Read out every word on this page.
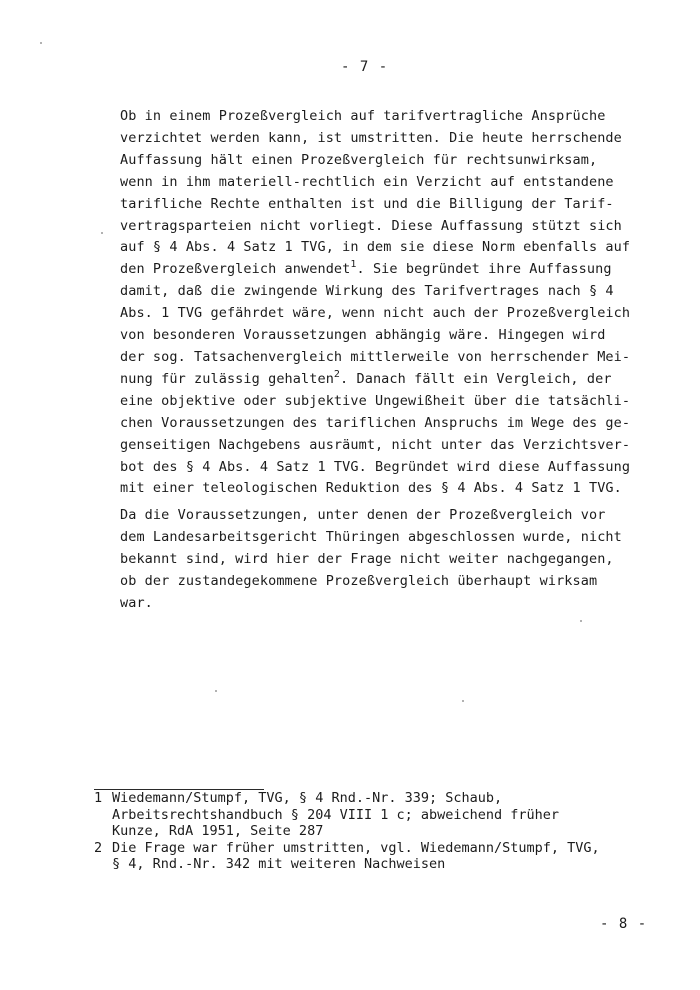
- 7 -
Ob in einem Prozeßvergleich auf tarifvertragliche Ansprüche
verzichtet werden kann, ist umstritten. Die heute herrschende
Auffassung hält einen Prozeßvergleich für rechtsunwirksam,
wenn in ihm materiell-rechtlich ein Verzicht auf entstandene
tarifliche Rechte enthalten ist und die Billigung der Tarif-
vertragsparteien nicht vorliegt. Diese Auffassung stützt sich
auf § 4 Abs. 4 Satz 1 TVG, in dem sie diese Norm ebenfalls auf
den Prozeßvergleich anwendet$^1$. Sie begründet ihre Auffassung
damit, daß die zwingende Wirkung des Tarifvertrages nach § 4
Abs. 1 TVG gefährdet wäre, wenn nicht auch der Prozeßvergleich
von besonderen Voraussetzungen abhängig wäre. Hingegen wird
der sog. Tatsachenvergleich mittlerweile von herrschender Mei-
nung für zulässig gehalten$^2$. Danach fällt ein Vergleich, der
eine objektive oder subjektive Ungewißheit über die tatsächli-
chen Voraussetzungen des tariflichen Anspruchs im Wege des ge-
genseitigen Nachgebens ausräumt, nicht unter das Verzichtsver-
bot des § 4 Abs. 4 Satz 1 TVG. Begründet wird diese Auffassung
mit einer teleologischen Reduktion des § 4 Abs. 4 Satz 1 TVG.
Da die Voraussetzungen, unter denen der Prozeßvergleich vor
dem Landesarbeitsgericht Thüringen abgeschlossen wurde, nicht
bekannt sind, wird hier der Frage nicht weiter nachgegangen,
ob der zustandegekommene Prozeßvergleich überhaupt wirksam
war.
1 Wiedemann/Stumpf, TVG, § 4 Rnd.-Nr. 339; Schaub,
Arbeitsrechtshandbuch § 204 VIII 1 c; abweichend früher
Kunze, RdA 1951, Seite 287
2 Die Frage war früher umstritten, vgl. Wiedemann/Stumpf, TVG,
§ 4, Rnd.-Nr. 342 mit weiteren Nachweisen
- 8 -
